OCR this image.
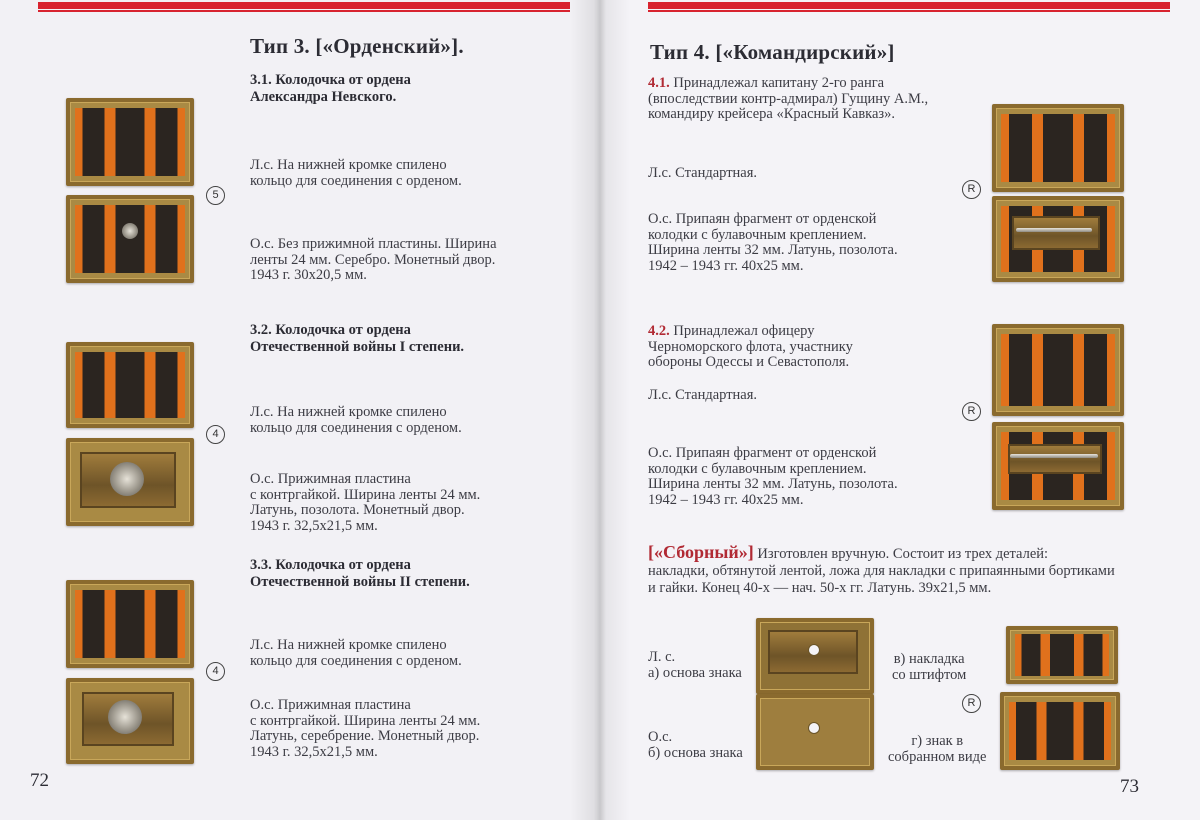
Тип 3. [«Орденский»].
3.1. Колодочка от ордена
Александра Невского.
5
Л.с. На нижней кромке спилено
кольцо для соединения с орденом.
О.с. Без прижимной пластины. Ширина
ленты 24 мм. Серебро. Монетный двор.
1943 г. 30x20,5 мм.
3.2. Колодочка от ордена
Отечественной войны I степени.
4
Л.с. На нижней кромке спилено
кольцо для соединения с орденом.
О.с. Прижимная пластина
с контргайкой. Ширина ленты 24 мм.
Латунь, позолота. Монетный двор.
1943 г. 32,5x21,5 мм.
3.3. Колодочка от ордена
Отечественной войны II степени.
4
Л.с. На нижней кромке спилено
кольцо для соединения с орденом.
О.с. Прижимная пластина
с контргайкой. Ширина ленты 24 мм.
Латунь, серебрение. Монетный двор.
1943 г. 32,5x21,5 мм.
72
Тип 4. [«Командирский»]
4.1. Принадлежал капитану 2-го ранга
(впоследствии контр-адмирал) Гущину А.М.,
командиру крейсера «Красный Кавказ».
R
Л.с. Стандартная.
О.с. Припаян фрагмент от орденской
колодки с булавочным креплением.
Ширина ленты 32 мм. Латунь, позолота.
1942 – 1943 гг. 40x25 мм.
4.2. Принадлежал офицеру
Черноморского флота, участнику
обороны Одессы и Севастополя.
R
Л.с. Стандартная.
О.с. Припаян фрагмент от орденской
колодки с булавочным креплением.
Ширина ленты 32 мм. Латунь, позолота.
1942 – 1943 гг. 40x25 мм.
[«Сборный»] Изготовлен вручную. Состоит из трех деталей:
накладки, обтянутой лентой, ложа для накладки с припаянными бортиками
и гайки. Конец 40-х — нач. 50-х гг. Латунь. 39x21,5 мм.
R
Л. с.
а) основа знака
О.с.
б) основа знака
в) накладка
со штифтом
г) знак в
собранном виде
73
